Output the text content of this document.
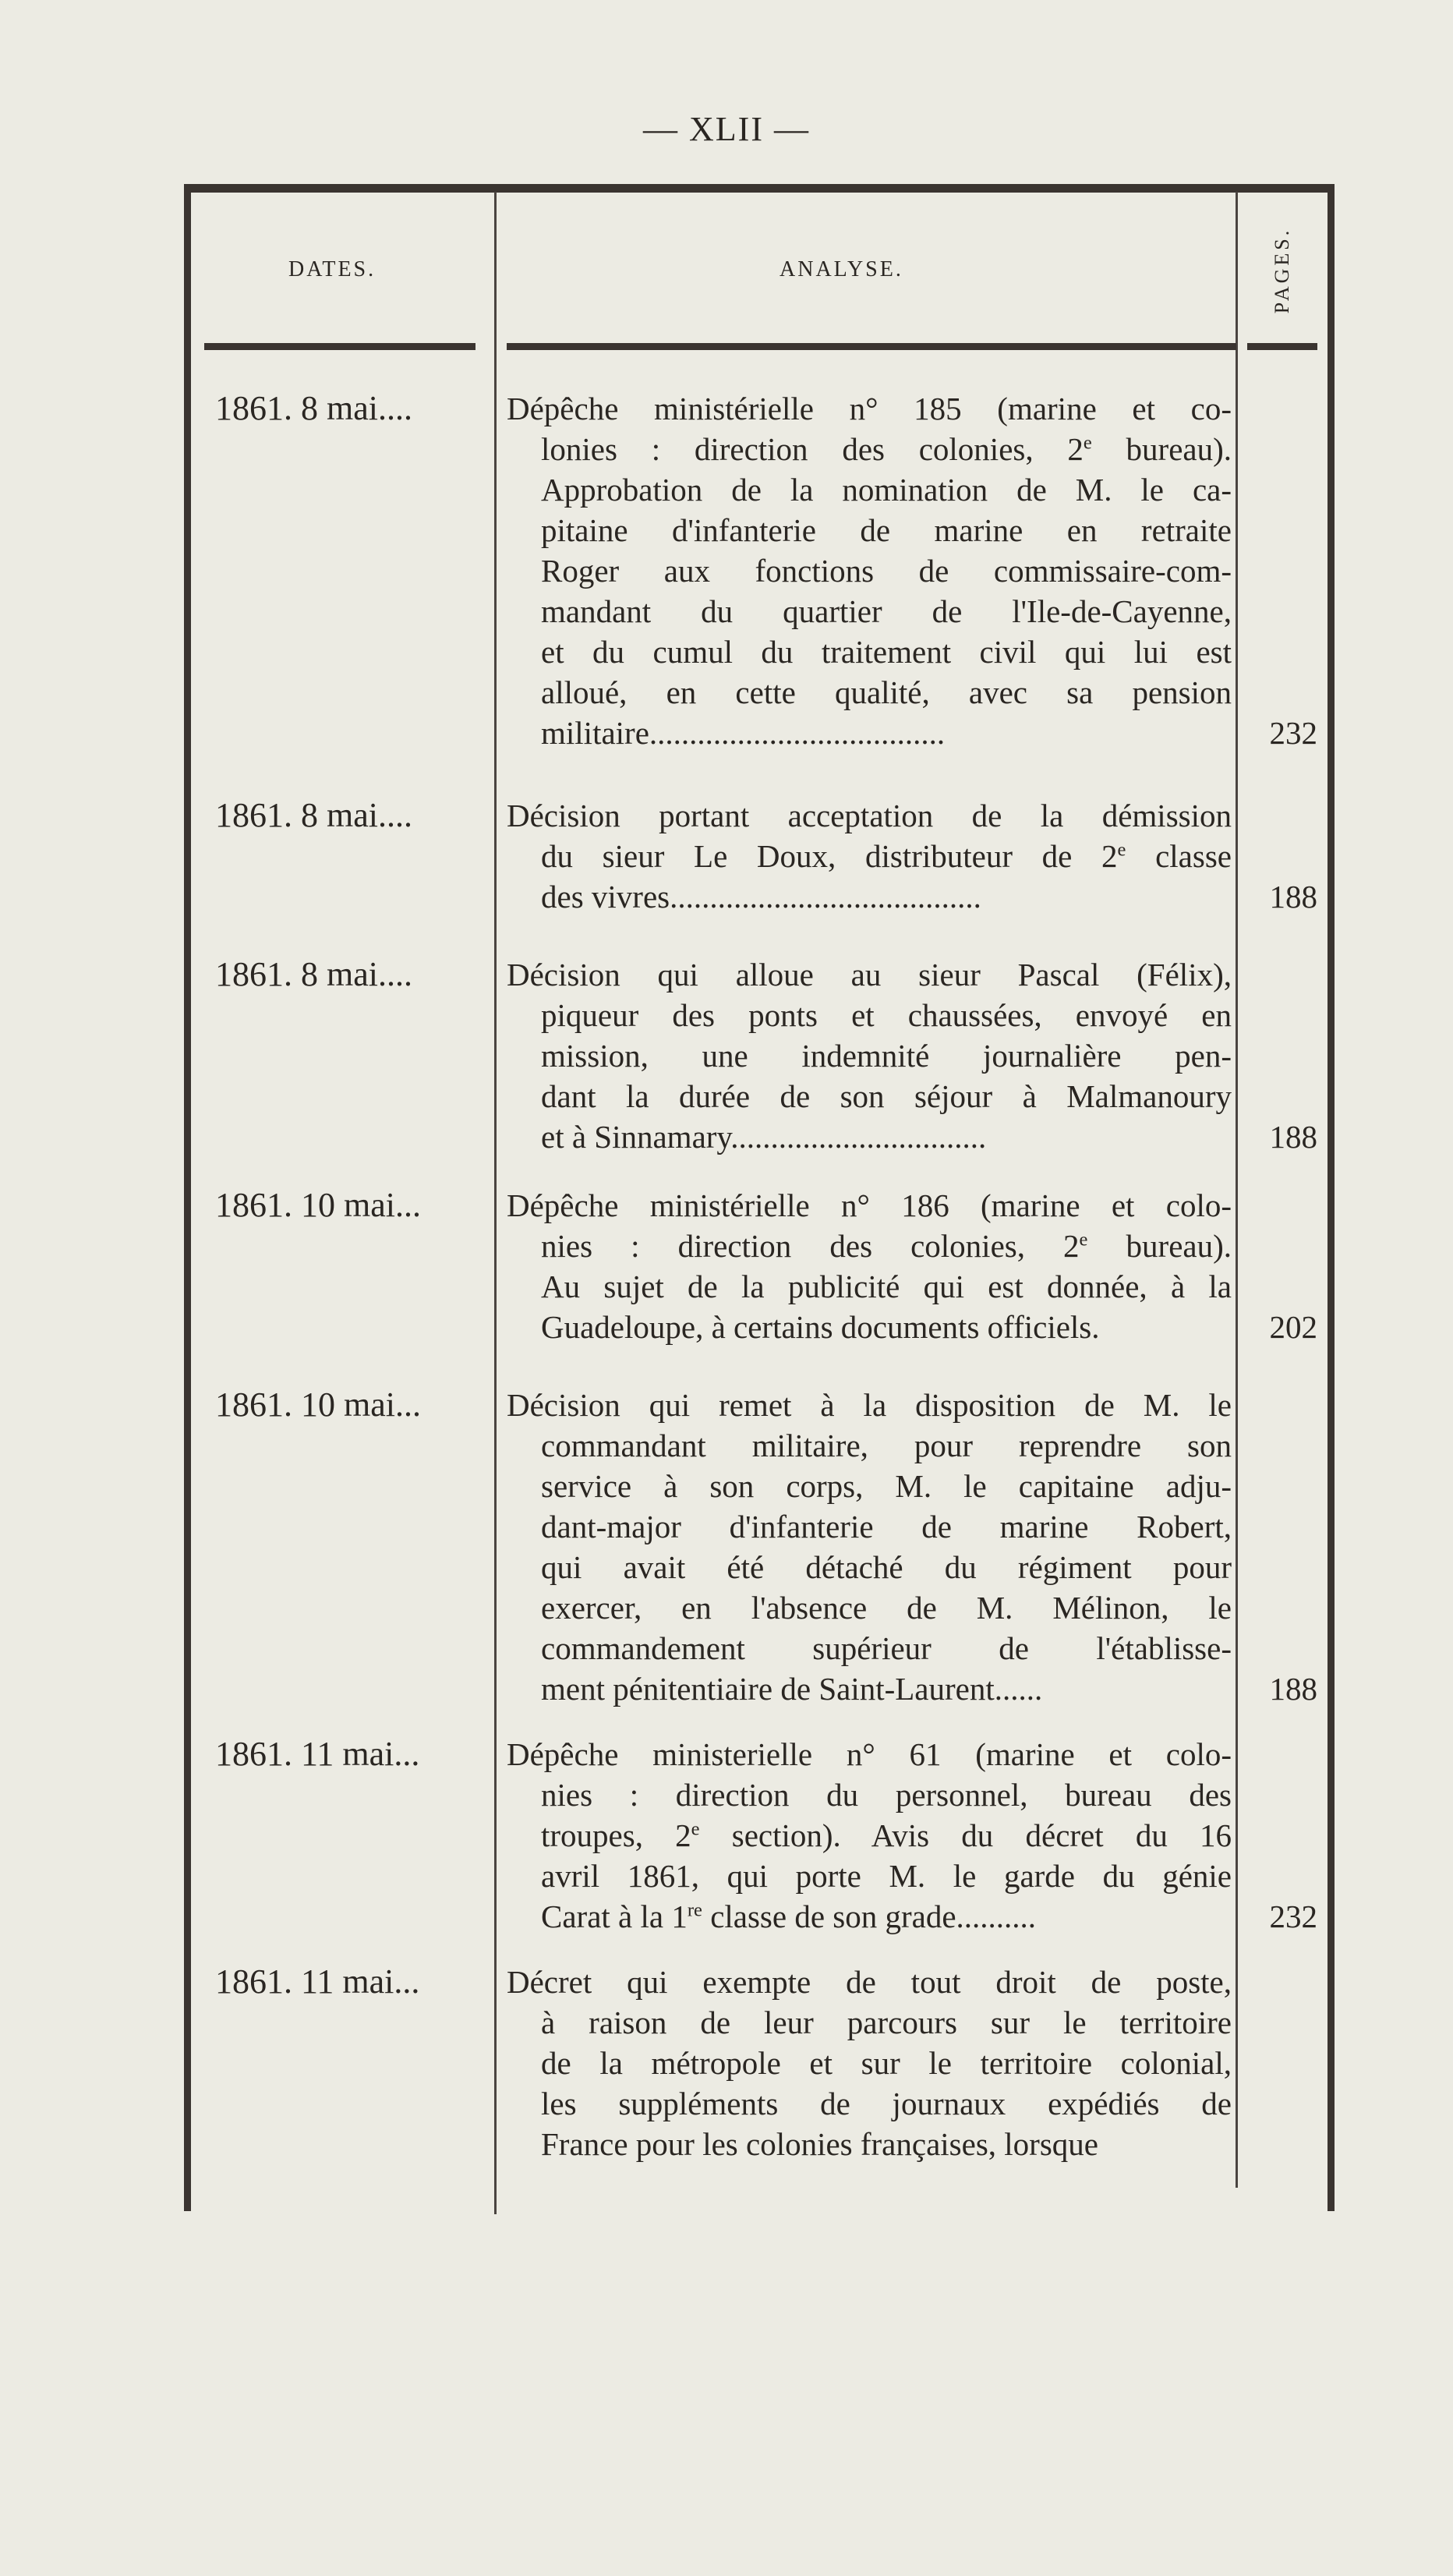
— XLII —
DATES.	ANALYSE.	PAGES.
1861. 8 mai....	Dépêche ministérielle n° 185 (marine et co-
lonies : direction des colonies, 2e bureau).
Approbation de la nomination de M. le ca-
pitaine d'infanterie de marine en retraite
Roger aux fonctions de commissaire-com-
mandant du quartier de l'Ile-de-Cayenne,
et du cumul du traitement civil qui lui est
alloué, en cette qualité, avec sa pension
militaire.....................................	232
1861. 8 mai....	Décision portant acceptation de la démission
du sieur Le Doux, distributeur de 2e classe
des vivres.......................................	188
1861. 8 mai....	Décision qui alloue au sieur Pascal (Félix),
piqueur des ponts et chaussées, envoyé en
mission, une indemnité journalière pen-
dant la durée de son séjour à Malmanoury
et à Sinnamary................................	188
1861. 10 mai...	Dépêche ministérielle n° 186 (marine et colo-
nies : direction des colonies, 2e bureau).
Au sujet de la publicité qui est donnée, à la
Guadeloupe, à certains documents officiels.	202
1861. 10 mai...	Décision qui remet à la disposition de M. le
commandant militaire, pour reprendre son
service à son corps, M. le capitaine adju-
dant-major d'infanterie de marine Robert,
qui avait été détaché du régiment pour
exercer, en l'absence de M. Mélinon, le
commandement supérieur de l'établisse-
ment pénitentiaire de Saint-Laurent......	188
1861. 11 mai...	Dépêche ministerielle n° 61 (marine et colo-
nies : direction du personnel, bureau des
troupes, 2e section). Avis du décret du 16
avril 1861, qui porte M. le garde du génie
Carat à la 1re classe de son grade..........	232
1861. 11 mai...	Décret qui exempte de tout droit de poste,
à raison de leur parcours sur le territoire
de la métropole et sur le territoire colonial,
les suppléments de journaux expédiés de
France pour les colonies françaises, lorsque
